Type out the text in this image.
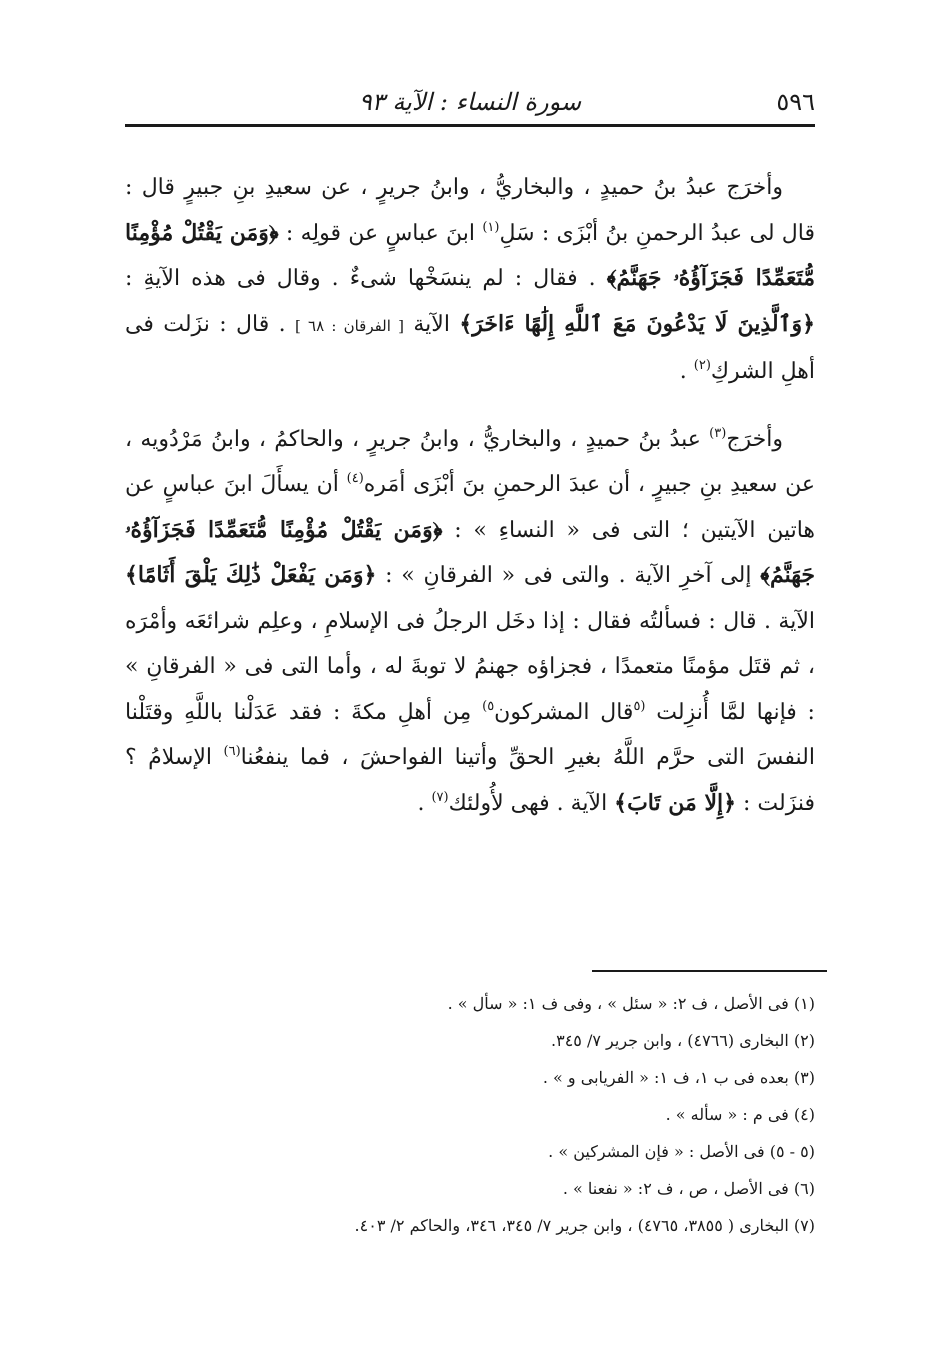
٥٩٦
سورة النساء : الآية ٩٣

وأخرَج عبدُ بنُ حميدٍ ، والبخاريُّ ، وابنُ جريرٍ ، عن سعيدِ بنِ جبيرٍ قال : قال لى عبدُ الرحمنِ بنُ أبْزَى : سَلِ$^{(١)}$ ابنَ عباسٍ عن قولِه : ﴿وَمَن يَقْتُلْ مُؤْمِنًا مُّتَعَمِّدًا فَجَزَآؤُهُۥ جَهَنَّمُ﴾ . فقال : لم ينسَخْها شىءٌ . وقال فى هذه الآيةِ : ﴿وَٱلَّذِينَ لَا يَدْعُونَ مَعَ ٱللَّهِ إِلَٰهًا ءَاخَرَ﴾ الآية [ الفرقان : ٦٨ ] . قال : نزَلت فى أهلِ الشركِ$^{(٢)}$ .

وأخرَج$^{(٣)}$ عبدُ بنُ حميدٍ ، والبخاريُّ ، وابنُ جريرٍ ، والحاكمُ ، وابنُ مَرْدُويه ، عن سعيدِ بنِ جبيرٍ ، أن عبدَ الرحمنِ بنَ أبْزَى أمَره$^{(٤)}$ أن يسأَلَ ابنَ عباسٍ عن هاتين الآيتين ؛ التى فى « النساءِ » : ﴿وَمَن يَقْتُلْ مُؤْمِنًا مُّتَعَمِّدًا فَجَزَآؤُهُۥ جَهَنَّمُ﴾ إلى آخرِ الآية . والتى فى « الفرقانِ » : ﴿وَمَن يَفْعَلْ ذَٰلِكَ يَلْقَ أَثَامًا﴾ الآية . قال : فسألتُه فقال : إذا دخَل الرجلُ فى الإسلامِ ، وعلِم شرائعَه وأمْرَه ، ثم قتَل مؤمنًا متعمدًا ، فجزاؤه جهنمُ لا توبةَ له ، وأما التى فى « الفرقانِ » : فإنها لمَّا أُنزِلت $^{(٥}$قال المشركون$^{٥)}$ مِن أهلِ مكةَ : فقد عَدَلْنا باللَّهِ وقتَلْنا النفسَ التى حرَّم اللَّهُ بغيرِ الحقِّ وأتينا الفواحشَ ، فما ينفعُنا$^{(٦)}$ الإسلامُ ؟ فنزَلت : ﴿إِلَّا مَن تَابَ﴾ الآية . فهى لأُولئك$^{(٧)}$ .

(١) فى الأصل ، ف ٢: « سئل » ، وفى ف ١: « سأل » .
(٢) البخارى (٤٧٦٦) ، وابن جرير ٧/ ٣٤٥.
(٣) بعده فى ب ١، ف ١: « الفريابى و » .
(٤) فى م : « سأله » .
(٥ - ٥) فى الأصل : « فإن المشركين » .
(٦) فى الأصل ، ص ، ف ٢: « نفعنا » .
(٧) البخارى ( ٣٨٥٥، ٤٧٦٥) ، وابن جرير ٧/ ٣٤٥، ٣٤٦، والحاكم ٢/ ٤٠٣.
